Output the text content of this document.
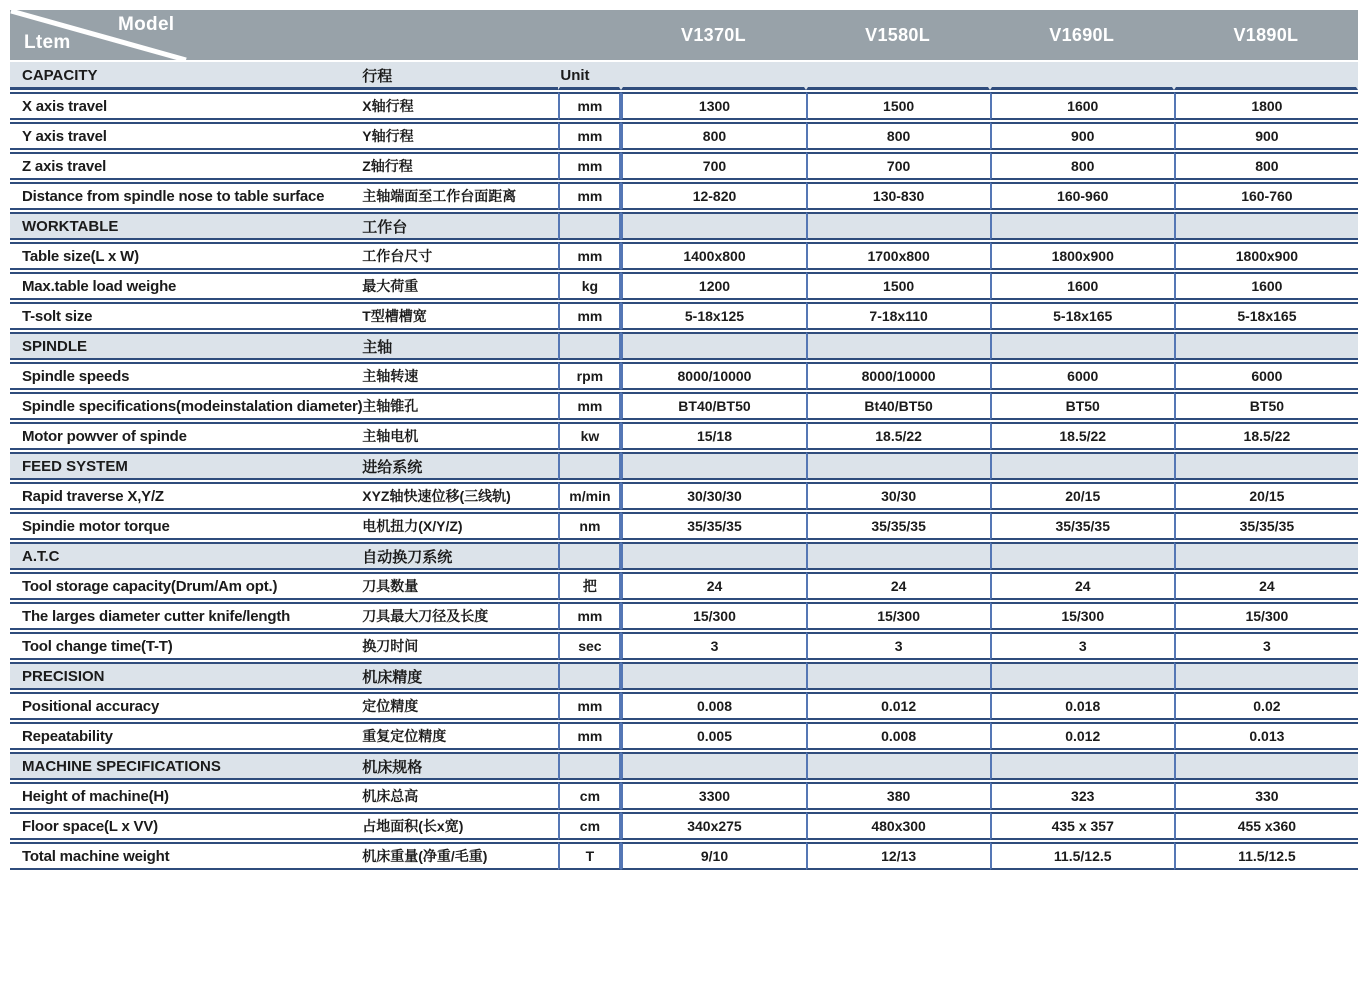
Model
Ltem			V1370L	V1580L	V1690L	V1890L
CAPACITY	行程	Unit				
X axis travel	X轴行程	mm	1300	1500	1600	1800
Y axis travel	Y轴行程	mm	800	800	900	900
Z axis travel	Z轴行程	mm	700	700	800	800
Distance from spindle nose to table surface	主轴端面至工作台面距离	mm	12-820	130-830	160-960	160-760
WORKTABLE	工作台					
Table size(L x W)	工作台尺寸	mm	1400x800	1700x800	1800x900	1800x900
Max.table load weighe	最大荷重	kg	1200	1500	1600	1600
T-solt size	T型槽槽宽	mm	5-18x125	7-18x110	5-18x165	5-18x165
SPINDLE	主轴					
Spindle speeds	主轴转速	rpm	8000/10000	8000/10000	6000	6000
Spindle specifications(modeinstalation diameter)	主轴锥孔	mm	BT40/BT50	Bt40/BT50	BT50	BT50
Motor powver of spinde	主轴电机	kw	15/18	18.5/22	18.5/22	18.5/22
FEED SYSTEM	进给系统					
Rapid traverse X,Y/Z	XYZ轴快速位移(三线轨)	m/min	30/30/30	30/30	20/15	20/15
Spindie motor torque	电机扭力(X/Y/Z)	nm	35/35/35	35/35/35	35/35/35	35/35/35
A.T.C	自动换刀系统					
Tool storage capacity(Drum/Am opt.)	刀具数量	把	24	24	24	24
The larges diameter cutter knife/length	刀具最大刀径及长度	mm	15/300	15/300	15/300	15/300
Tool change time(T-T)	换刀时间	sec	3	3	3	3
PRECISION	机床精度					
Positional accuracy	定位精度	mm	0.008	0.012	0.018	0.02
Repeatability	重复定位精度	mm	0.005	0.008	0.012	0.013
MACHINE SPECIFICATIONS	机床规格					
Height of machine(H)	机床总高	cm	3300	380	323	330
Floor space(L x VV)	占地面积(长x宽)	cm	340x275	480x300	435 x 357	455 x360
Total machine weight	机床重量(净重/毛重)	T	9/10	12/13	11.5/12.5	11.5/12.5
